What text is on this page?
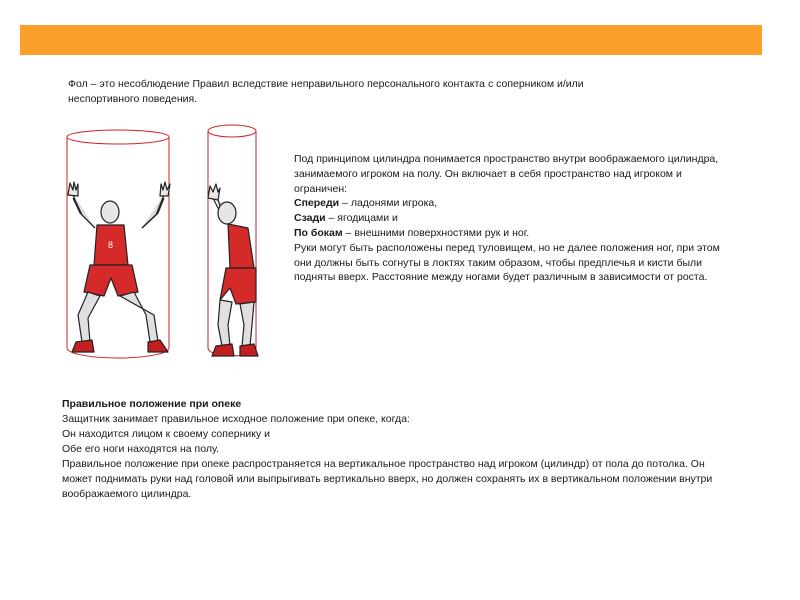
Фол – это несоблюдение Правил вследствие неправильного персонального контакта с соперником и/или неспортивного поведения.
8

Под принципом цилиндра понимается пространство внутри воображаемого цилиндра, занимаемого игроком на полу. Он включает в себя пространство над игроком и ограничен:

Спереди – ладонями игрока,

Сзади – ягодицами и

По бокам – внешними поверхностями рук и ног.

Руки могут быть расположены перед туловищем, но не далее положения ног, при этом они должны быть согнуты в локтях таким образом, чтобы предплечья и кисти были подняты вверх. Расстояние между ногами будет различным в зависимости от роста.

Правильное положение при опеке

Защитник занимает правильное исходное положение при опеке, когда:

Он находится лицом к своему сопернику и

Обе его ноги находятся на полу.

Правильное положение при опеке распространяется на вертикальное пространство над игроком (цилиндр) от пола до потолка. Он может поднимать руки над головой или выпрыгивать вертикально вверх, но должен сохранять их в вертикальном положении внутри воображаемого цилиндра.
